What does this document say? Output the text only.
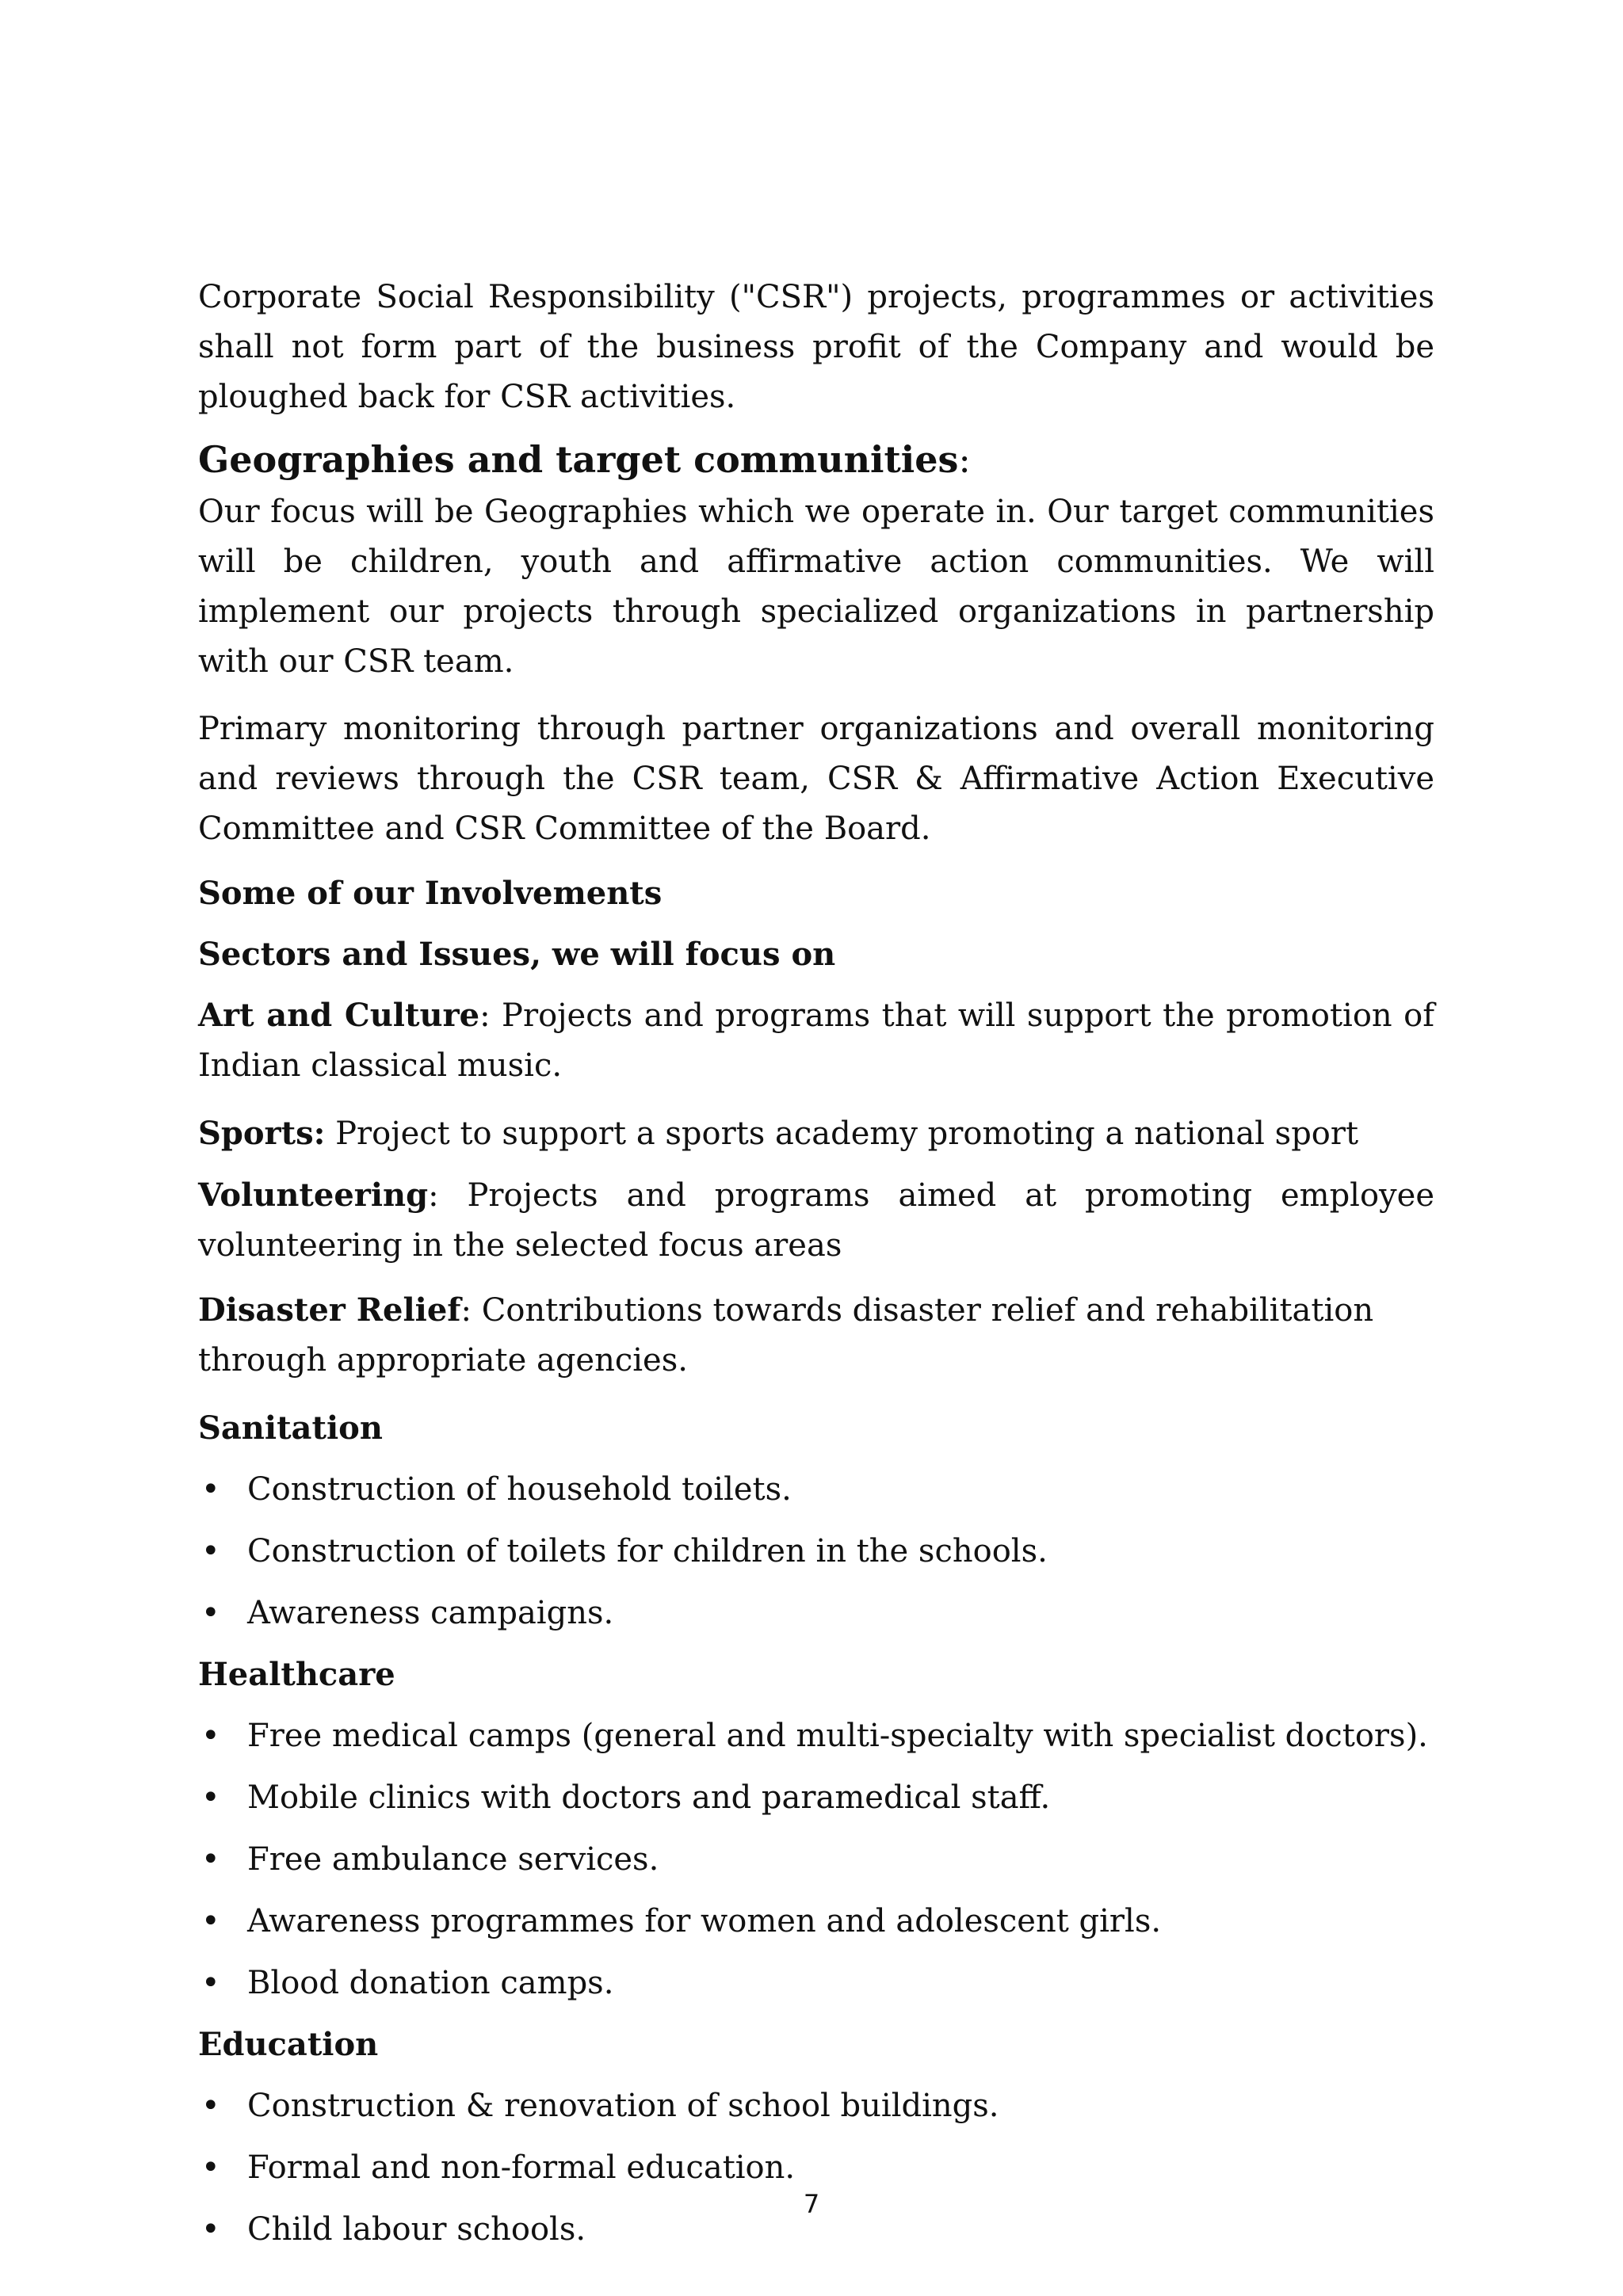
Corporate Social Responsibility ("CSR") projects, programmes or activities shall not form part of the business profit of the Company and would be ploughed back for CSR activities.

Geographies and target communities:

Our focus will be Geographies which we operate in. Our target communities will be children, youth and affirmative action communities. We will implement our projects through specialized organizations in partnership with our CSR team.

Primary monitoring through partner organizations and overall monitoring and reviews through the CSR team, CSR & Affirmative Action Executive Committee and CSR Committee of the Board.

Some of our Involvements

Sectors and Issues, we will focus on

Art and Culture: Projects and programs that will support the promotion of Indian classical music.

Sports: Project to support a sports academy promoting a national sport

Volunteering: Projects and programs aimed at promoting employee volunteering in the selected focus areas

Disaster Relief: Contributions towards disaster relief and rehabilitation through appropriate agencies.

Sanitation

• Construction of household toilets.
• Construction of toilets for children in the schools.
• Awareness campaigns.

Healthcare

• Free medical camps (general and multi-specialty with specialist doctors).
• Mobile clinics with doctors and paramedical staff.
• Free ambulance services.
• Awareness programmes for women and adolescent girls.
• Blood donation camps.

Education

• Construction & renovation of school buildings.
• Formal and non-formal education.
• Child labour schools.
7
